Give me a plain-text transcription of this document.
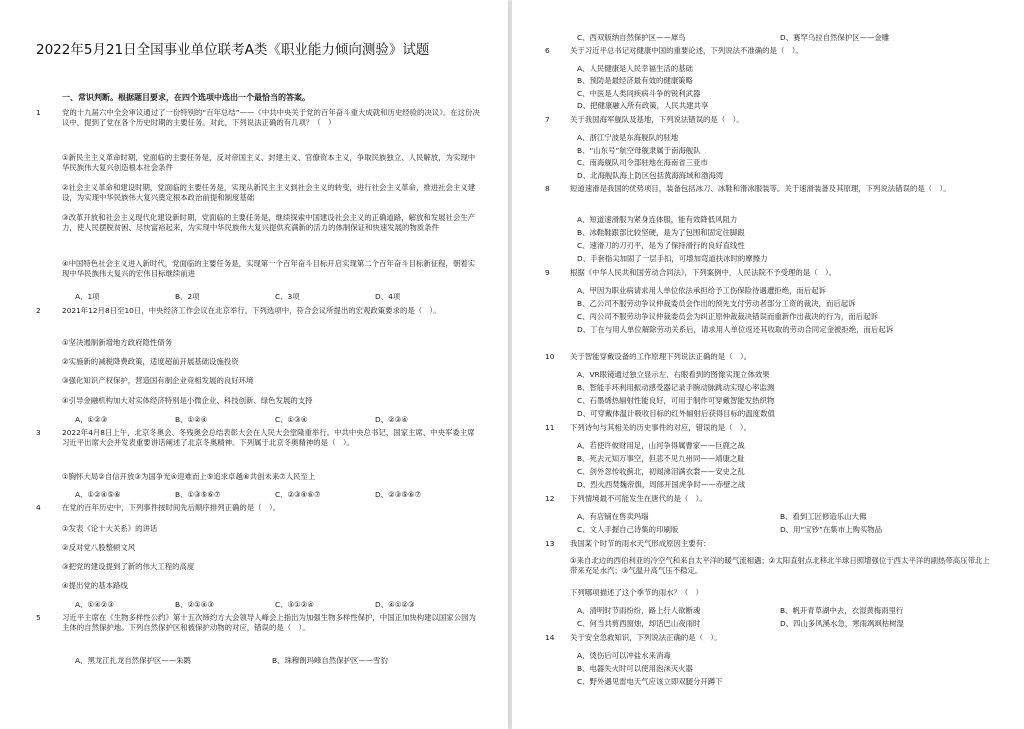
2022年5月21日全国事业单位联考A类《职业能力倾向测验》试题
一、常识判断。根据题目要求，在四个选项中选出一个最恰当的答案。
1	党的十九届六中全会审议通过了一份特别的“百年总结”——《中共中央关于党的百年奋斗重大成就和历史经验的决议》。在这份决议中，提到了党在各个历史时期的主要任务。对此，下列说法正确的有几项？（　）
①新民主主义革命时期，党面临的主要任务是，反对帝国主义、封建主义、官僚资本主义，争取民族独立、人民解放，为实现中华民族伟大复兴创造根本社会条件
②社会主义革命和建设时期，党面临的主要任务是，实现从新民主主义到社会主义的转变，进行社会主义革命，推进社会主义建设，为实现中华民族伟大复兴奠定根本政治前提和制度基础
③改革开放和社会主义现代化建设新时期，党面临的主要任务是，继续探索中国建设社会主义的正确道路，解放和发展社会生产力，使人民摆脱贫困、尽快富裕起来，为实现中华民族伟大复兴提供充满新的活力的体制保证和快速发展的物质条件
④中国特色社会主义进入新时代，党面临的主要任务是，实现第一个百年奋斗目标开启实现第二个百年奋斗目标新征程，朝着实现中华民族伟大复兴的宏伟目标继续前进
A、1项	B、2项	C、3项	D、4项
2	2021年12月8日至10日，中央经济工作会议在北京举行。下列选项中，符合会议所提出的宏观政策要求的是（　）。
①坚决遏制新增地方政府隐性债务
②实施新的减税降费政策，适度超前开展基础设施投资
③强化知识产权保护，营造国有制企业竞相发展的良好环境
④引导金融机构加大对实体经济特别是小微企业、科技创新、绿色发展的支持
A、①②③	B、①②④	C、①③④	D、②③④
3	2022年4月8日上午，北京冬奥会、冬残奥会总结表彰大会在人民大会堂隆重举行。中共中央总书记、国家主席、中央军委主席习近平出席大会并发表重要讲话阐述了北京冬奥精神。下列属于北京冬奥精神的是（　）。
①胸怀大局②自信开放③为国争光④迎难而上⑤追求卓越⑥共创未来⑦人民至上
A、①②④⑤⑥	B、①③⑤⑥⑦	C、②③④⑥⑦	D、②③⑤⑥⑦
4	在党的百年历史中，下列事件按时间先后顺序排列正确的是（　）。
①发表《论十大关系》的讲话
②反对党八股整顿文风
③把党的建设提到了新的伟大工程的高度
④提出党的基本路线
A、①④②③	B、②①④③	C、③①②④	D、④①②③
5	习近平主席在《生物多样性公约》第十五次缔约方大会领导人峰会上指出为加强生物多样性保护，中国正加快构建以国家公园为主体的自然保护地。下列自然保护区和被保护动物的对应，错误的是（　）。
A、黑龙江扎龙自然保护区——朱鹮	B、珠穆朗玛峰自然保护区——雪豹
C、西双版纳自然保护区——犀鸟	D、赛罕乌拉自然保护区——金雕
6	关于习近平总书记对健康中国的重要论述，下列说法不准确的是（　）。
A、人民健康是人民幸福生活的基础
B、预防是最经济最有效的健康策略
C、中医是人类同疾病斗争的锐利武器
D、把健康融入所有政策，人民共建共享
7	关于我国海军舰队及基地，下列说法错误的是（　）。
A、浙江宁波是东海舰队的驻地
B、“山东号”航空母舰隶属于南海舰队
C、南海舰队司令部驻地在海南省三亚市
D、北海舰队海上防区包括黄海海域和渤海湾
8	短道速滑是我国的优势项目，装备包括冰刀、冰鞋和滑冰服装等。关于速滑装备及其原理，下列说法错误的是（　）。
A、短道速滑服为紧身连体服，能有效降低风阻力
B、冰鞋鞋跟部比较坚硬，是为了包围和固定住脚跟
C、速滑刀的刀刃平，是为了保持滑行的良好直线性
D、手套指尖加固了一层手扣，可增加弯道扶冰时的摩擦力
9	根据《中华人民共和国劳动合同法》，下列案例中，人民法院不予受理的是（　）。
A、甲因为职业病请求用人单位依法承担给予工伤保险待遇遭拒绝，而后起诉
B、乙公司不服劳动争议仲裁委员会作出的预先支付劳动者部分工资的裁决，而后起诉
C、丙公司不服劳动争议仲裁委员会为纠正原仲裁裁决错误而重新作出裁决的行为，而后起诉
D、丁在与用人单位解除劳动关系后，请求用人单位返还其收取的劳动合同定金被拒绝，而后起诉
10 关于智能穿戴设备的工作原理下列说法正确的是（　）。
A、VR眼镜通过独立显示左、右眼看到的图像实现立体效果
B、智能手环利用振动感受器记录手腕动脉跳动实现心率监测
C、石墨烯热辐射性能良好，可用于制作可穿戴智能发热织物
D、可穿戴体温计吸收目标的红外辐射后获得目标的温度数值
11 下列诗句与其相关的历史事件的对应，错误的是（　）。
A、若使许攸财用足，山河争得属曹家——巨鹿之战
B、死去元知万事空，但悲不见九州同——靖康之耻
C、剑外忽传收蓟北，初闻涕泪满衣裳——安史之乱
D、烈火西焚魏帝旗，周郎开国虎争时——赤壁之战
12 下列情境最不可能发生在唐代的是（　）。
A、有店铺在售卖玛瑙	B、看到工匠修造乐山大佛
C、文人手握自己诗集的印刷版	D、用“宝钞”在集市上购买物品
13 我国某个时节的雨水天气形成原因主要有：
①来自北边的西伯利亚的冷空气和来自太平洋的暖气流相遇；②太阳直射点北移北半球日照增强位于西太平洋的副热带高压带北上带来充足水汽；③气温升高气压不稳定。
下列哪项描述了这个季节的雨水？（　）
A、清明时节雨纷纷，路上行人欲断魂	B、帆开青草湖中去，衣湿黄梅雨里行
C、何当共剪西窗烛，却话巴山夜雨时	D、四山多风溪水急，寒雨飒飒枯树湿
14 关于安全急救知识，下列说法正确的是（　）。
A、烫伤后可以冲盐水来消毒
B、电器失火时可以使用泡沫灭火器
C、野外遇见雷电天气应该立即双腿分开蹲下
